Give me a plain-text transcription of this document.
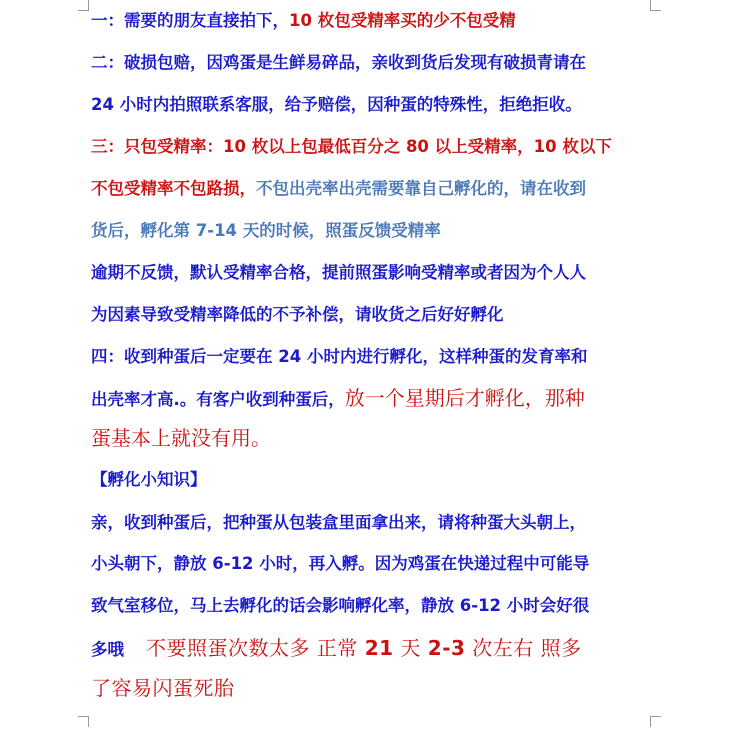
一：需要的朋友直接拍下，10 枚包受精率买的少不包受精
二：破损包赔，因鸡蛋是生鲜易碎品，亲收到货后发现有破损青请在
24 小时内拍照联系客服，给予赔偿，因种蛋的特殊性，拒绝拒收。
三：只包受精率：10 枚以上包最低百分之 80 以上受精率，10 枚以下
不包受精率不包路损，不包出壳率出壳需要靠自己孵化的，请在收到
货后，孵化第 7-14 天的时候，照蛋反馈受精率
逾期不反馈，默认受精率合格，提前照蛋影响受精率或者因为个人人
为因素导致受精率降低的不予补偿，请收货之后好好孵化
四：收到种蛋后一定要在 24 小时内进行孵化，这样种蛋的发育率和
出壳率才高.。有客户收到种蛋后，放一个星期后才孵化，那种
蛋基本上就没有用。
【孵化小知识】
亲，收到种蛋后，把种蛋从包装盒里面拿出来，请将种蛋大头朝上，
小头朝下，静放 6-12 小时，再入孵。因为鸡蛋在快递过程中可能导
致气室移位，马上去孵化的话会影响孵化率，静放 6-12 小时会好很
多哦 不要照蛋次数太多 正常 21 天 2-3 次左右 照多
了容易闪蛋死胎
